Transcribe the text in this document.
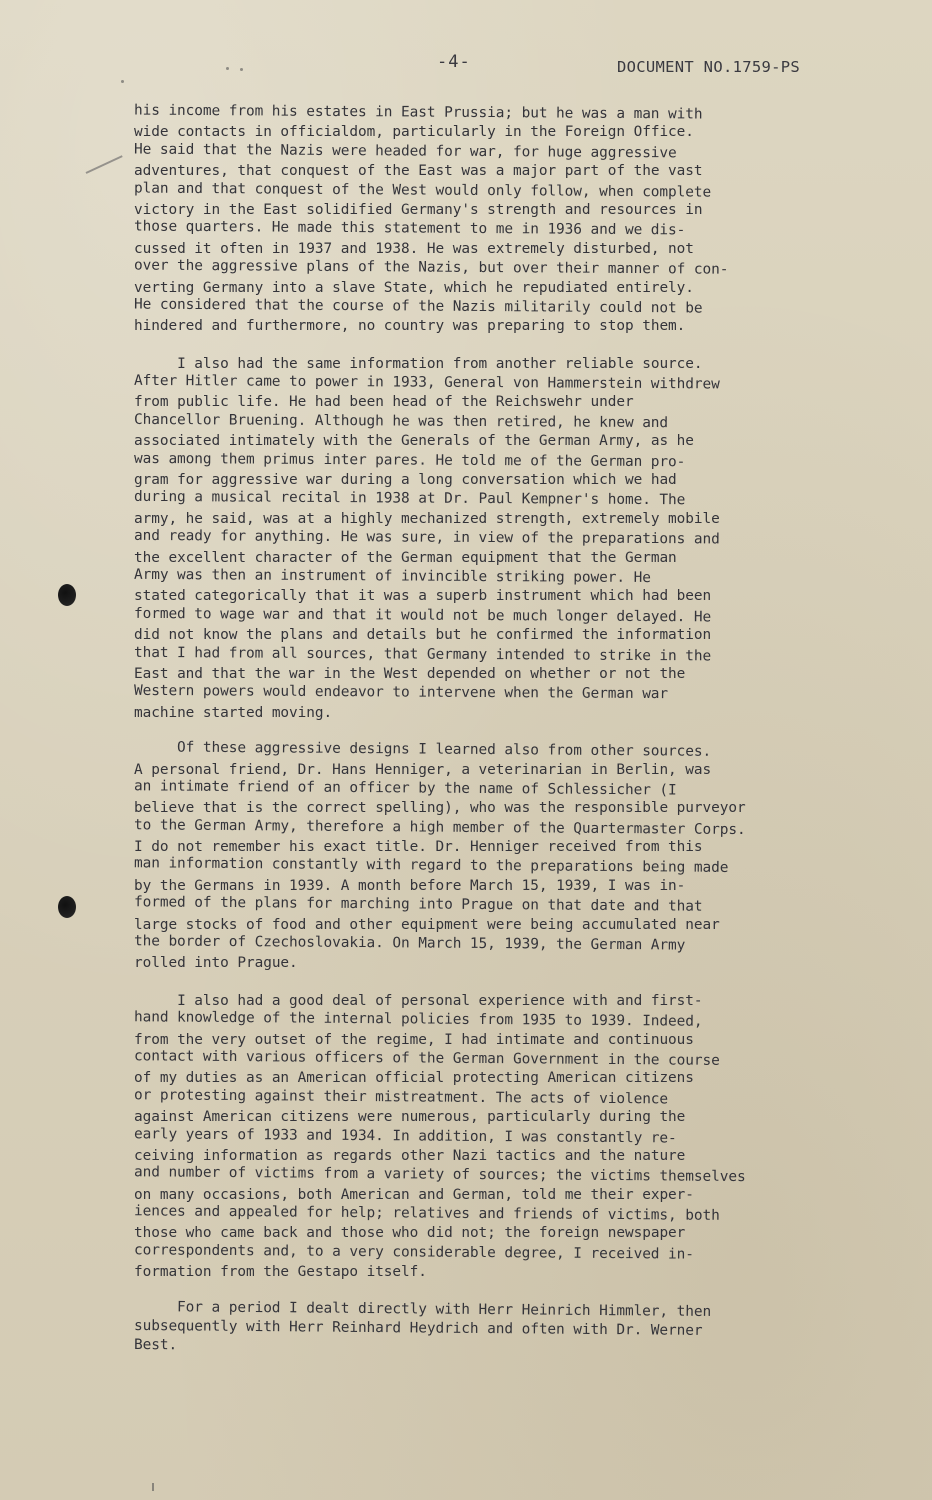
-4-	DOCUMENT NO.1759-PS

his income from his estates in East Prussia; but he was a man with
wide contacts in officialdom, particularly in the Foreign Office.
He said that the Nazis were headed for war, for huge aggressive
adventures, that conquest of the East was a major part of the vast
plan and that conquest of the West would only follow, when complete
victory in the East solidified Germany's strength and resources in
those quarters. He made this statement to me in 1936 and we dis-
cussed it often in 1937 and 1938. He was extremely disturbed, not
over the aggressive plans of the Nazis, but over their manner of con-
verting Germany into a slave State, which he repudiated entirely.
He considered that the course of the Nazis militarily could not be
hindered and furthermore, no country was preparing to stop them.

I also had the same information from another reliable source.
After Hitler came to power in 1933, General von Hammerstein withdrew
from public life. He had been head of the Reichswehr under
Chancellor Bruening. Although he was then retired, he knew and
associated intimately with the Generals of the German Army, as he
was among them primus inter pares. He told me of the German pro-
gram for aggressive war during a long conversation which we had
during a musical recital in 1938 at Dr. Paul Kempner's home. The
army, he said, was at a highly mechanized strength, extremely mobile
and ready for anything. He was sure, in view of the preparations and
the excellent character of the German equipment that the German
Army was then an instrument of invincible striking power. He
stated categorically that it was a superb instrument which had been
formed to wage war and that it would not be much longer delayed. He
did not know the plans and details but he confirmed the information
that I had from all sources, that Germany intended to strike in the
East and that the war in the West depended on whether or not the
Western powers would endeavor to intervene when the German war
machine started moving.

Of these aggressive designs I learned also from other sources.
A personal friend, Dr. Hans Henniger, a veterinarian in Berlin, was
an intimate friend of an officer by the name of Schlessicher (I
believe that is the correct spelling), who was the responsible purveyor
to the German Army, therefore a high member of the Quartermaster Corps.
I do not remember his exact title. Dr. Henniger received from this
man information constantly with regard to the preparations being made
by the Germans in 1939. A month before March 15, 1939, I was in-
formed of the plans for marching into Prague on that date and that
large stocks of food and other equipment were being accumulated near
the border of Czechoslovakia. On March 15, 1939, the German Army
rolled into Prague.

I also had a good deal of personal experience with and first-
hand knowledge of the internal policies from 1935 to 1939. Indeed,
from the very outset of the regime, I had intimate and continuous
contact with various officers of the German Government in the course
of my duties as an American official protecting American citizens
or protesting against their mistreatment. The acts of violence
against American citizens were numerous, particularly during the
early years of 1933 and 1934. In addition, I was constantly re-
ceiving information as regards other Nazi tactics and the nature
and number of victims from a variety of sources; the victims themselves
on many occasions, both American and German, told me their exper-
iences and appealed for help; relatives and friends of victims, both
those who came back and those who did not; the foreign newspaper
correspondents and, to a very considerable degree, I received in-
formation from the Gestapo itself.

For a period I dealt directly with Herr Heinrich Himmler, then
subsequently with Herr Reinhard Heydrich and often with Dr. Werner
Best.
